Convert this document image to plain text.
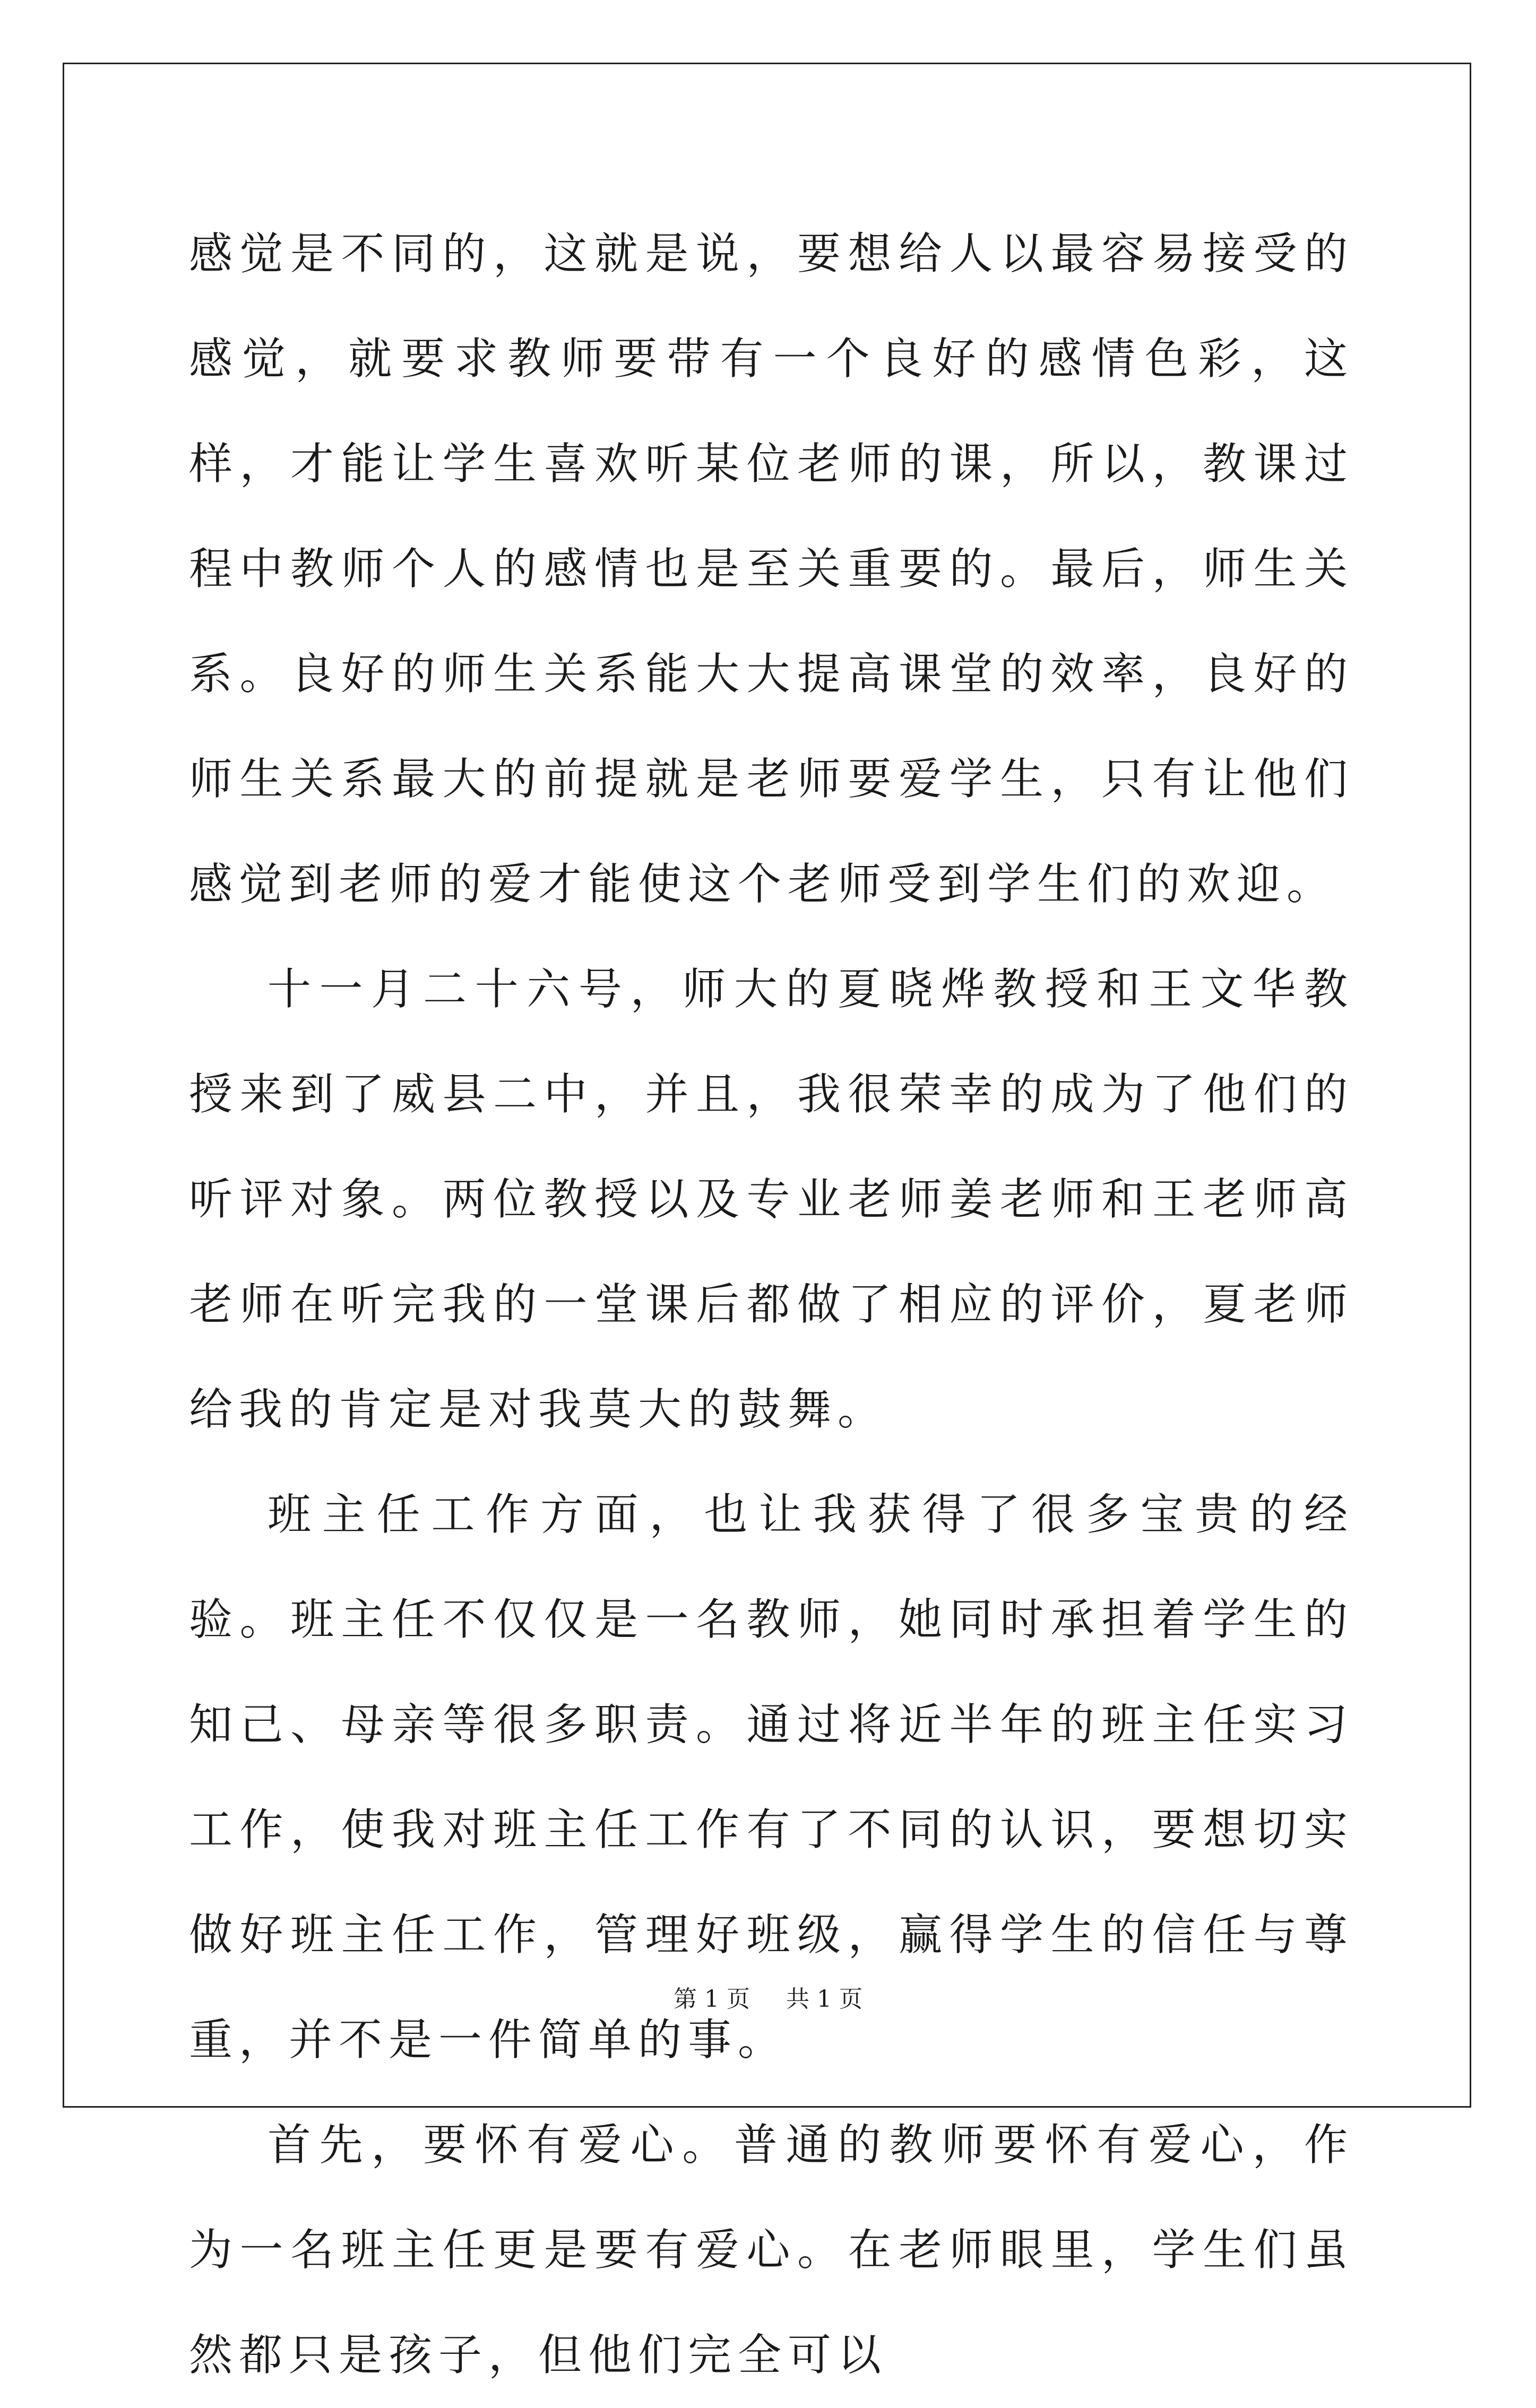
感觉是不同的，这就是说，要想给人以最容易接受的感觉，就要求教师要带有一个良好的感情色彩，这样，才能让学生喜欢听某位老师的课，所以，教课过程中教师个人的感情也是至关重要的。最后，师生关系。良好的师生关系能大大提高课堂的效率，良好的师生关系最大的前提就是老师要爱学生，只有让他们感觉到老师的爱才能使这个老师受到学生们的欢迎。

十一月二十六号，师大的夏晓烨教授和王文华教授来到了威县二中，并且，我很荣幸的成为了他们的听评对象。两位教授以及专业老师姜老师和王老师高老师在听完我的一堂课后都做了相应的评价，夏老师给我的肯定是对我莫大的鼓舞。

班主任工作方面，也让我获得了很多宝贵的经验。班主任不仅仅是一名教师，她同时承担着学生的知己、母亲等很多职责。通过将近半年的班主任实习工作，使我对班主任工作有了不同的认识，要想切实做好班主任工作，管理好班级，赢得学生的信任与尊重，并不是一件简单的事。

首先，要怀有爱心。普通的教师要怀有爱心，作为一名班主任更是要有爱心。在老师眼里，学生们虽然都只是孩子，但他们完全可以

第 1 页 共 1 页
